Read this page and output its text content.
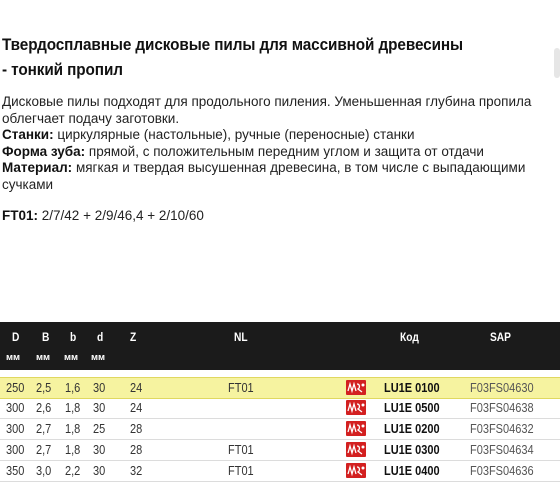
Твердосплавные дисковые пилы для массивной древесины - тонкий пропил
Дисковые пилы подходят для продольного пиления. Уменьшенная глубина пропила облегчает подачу заготовки.
Станки: циркулярные (настольные), ручные (переносные) станки
Форма зуба: прямой, с положительным передним углом и защита от отдачи
Материал: мягкая и твердая высушенная древесина, в том числе с выпадающими сучками
FT01: 2/7/42 + 2/9/46,4 + 2/10/60
D B b d Z	NL	Код	SAP
мм мм мм мм
250 2,5 1,6 30 24	FT01	LU1E 0100 F03FS04630
300 2,6 1,8 30 24	LU1E 0500 F03FS04638
300 2,7 1,8 25 28	LU1E 0200 F03FS04632
300 2,7 1,8 30 28	FT01	LU1E 0300 F03FS04634
350 3,0 2,2 30 32	FT01	LU1E 0400 F03FS04636
